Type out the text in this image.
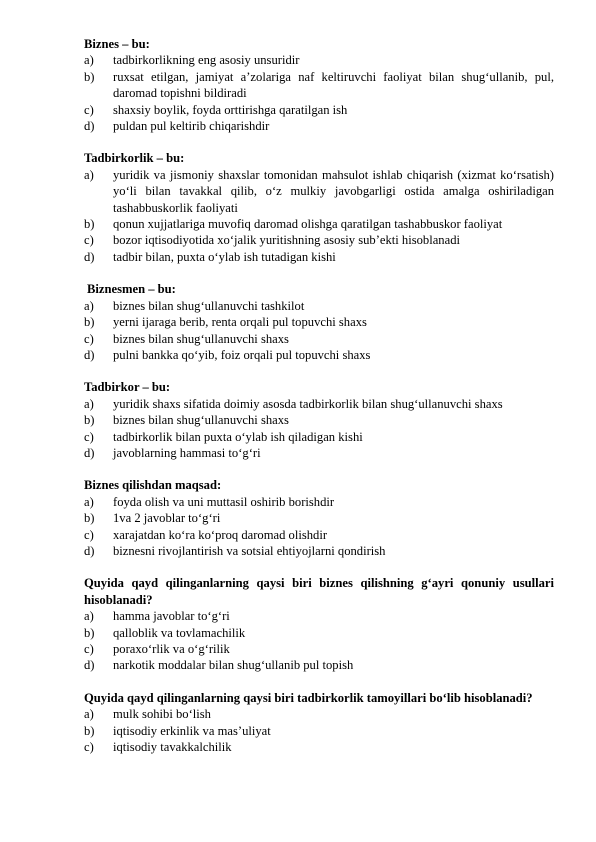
Biznes – bu:
a)	tadbirkorlikning eng asosiy unsuridir
b)	ruxsat etilgan, jamiyat a’zolariga naf keltiruvchi faoliyat bilan shug‘ullanib, pul, daromad topishni bildiradi
c)	shaxsiy boylik, foyda orttirishga qaratilgan ish
d)	puldan pul keltirib chiqarishdir
Tadbirkorlik – bu:
a)	yuridik va jismoniy shaxslar tomonidan mahsulot ishlab chiqarish (xizmat ko‘rsatish) yo‘li bilan tavakkal qilib, o‘z mulkiy javobgarligi ostida amalga oshiriladigan tashabbuskorlik faoliyati
b)	qonun xujjatlariga muvofiq daromad olishga qaratilgan tashabbuskor faoliyat
c)	bozor iqtisodiyotida xo‘jalik yuritishning asosiy sub’ekti hisoblanadi
d)	tadbir bilan, puxta o‘ylab ish tutadigan kishi
Biznesmen – bu:
a)	biznes bilan shug‘ullanuvchi tashkilot
b)	yerni ijaraga berib, renta orqali pul topuvchi shaxs
c)	biznes bilan shug‘ullanuvchi shaxs
d)	pulni bankka qo‘yib, foiz orqali pul topuvchi shaxs
Tadbirkor – bu:
a)	yuridik shaxs sifatida doimiy asosda tadbirkorlik bilan shug‘ullanuvchi shaxs
b)	biznes bilan shug‘ullanuvchi shaxs
c)	tadbirkorlik bilan puxta o‘ylab ish qiladigan kishi
d)	javoblarning hammasi to‘g‘ri
Biznes qilishdan maqsad:
a)	foyda olish va uni muttasil oshirib borishdir
b)	1va 2 javoblar to‘g‘ri
c)	xarajatdan ko‘ra ko‘proq daromad olishdir
d)	biznesni rivojlantirish va sotsial ehtiyojlarni qondirish
Quyida qayd qilinganlarning qaysi biri biznes qilishning g‘ayri qonuniy usullari hisoblanadi?
a)	hamma javoblar to‘g‘ri
b)	qalloblik va tovlamachilik
c)	poraxo‘rlik va o‘g‘rilik
d)	narkotik moddalar bilan shug‘ullanib pul topish
Quyida qayd qilinganlarning qaysi biri tadbirkorlik tamoyillari bo‘lib hisoblanadi?
a)	mulk sohibi bo‘lish
b)	iqtisodiy erkinlik va mas’uliyat
c)	iqtisodiy tavakkalchilik
